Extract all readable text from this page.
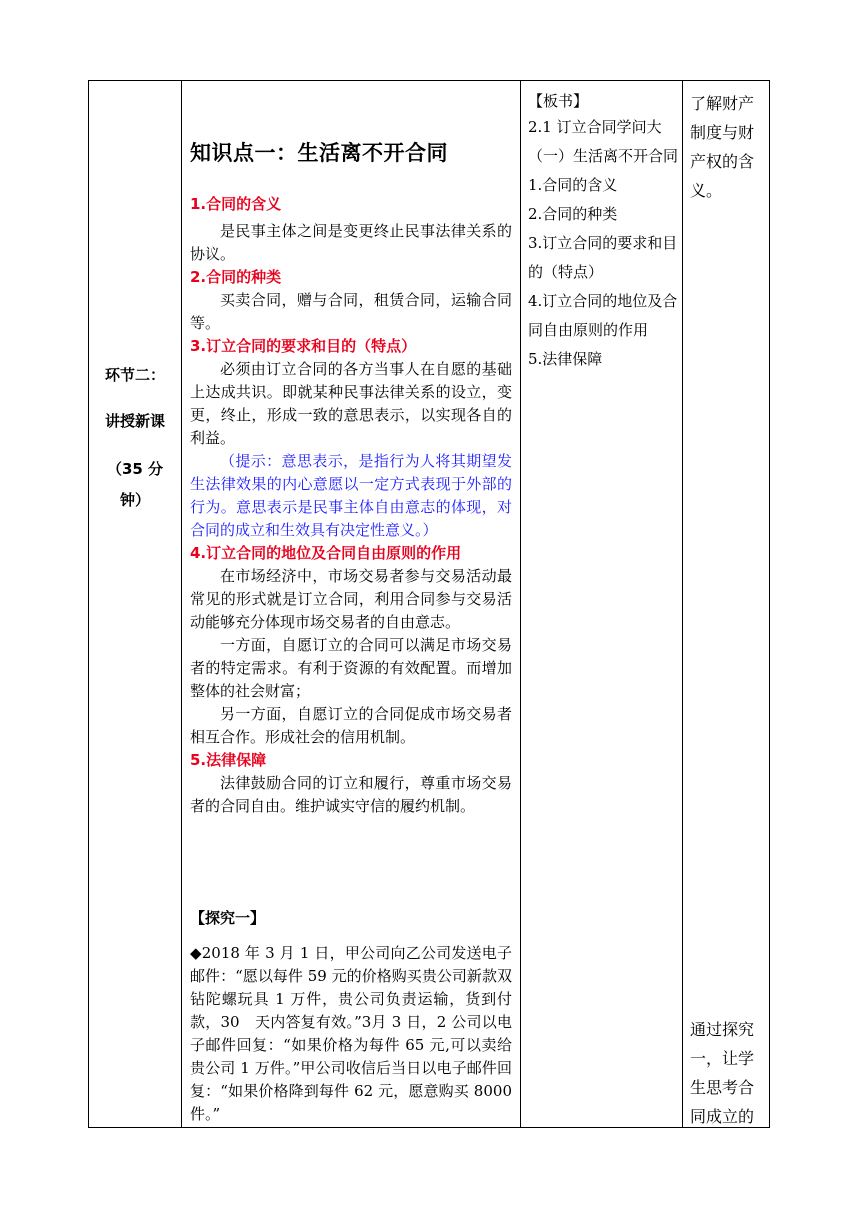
环节二：
讲授新课
（35 分
钟）
知识点一：生活离不开合同

1.合同的含义

是民事主体之间是变更终止民事法律关系的协议。

2.合同的种类

买卖合同，赠与合同，租赁合同，运输合同等。

3.订立合同的要求和目的（特点）

必须由订立合同的各方当事人在自愿的基础上达成共识。即就某种民事法律关系的设立，变更，终止，形成一致的意思表示，以实现各自的利益。

（提示：意思表示，是指行为人将其期望发生法律效果的内心意愿以一定方式表现于外部的行为。意思表示是民事主体自由意志的体现，对合同的成立和生效具有决定性意义。）

4.订立合同的地位及合同自由原则的作用

在市场经济中，市场交易者参与交易活动最常见的形式就是订立合同，利用合同参与交易活动能够充分体现市场交易者的自由意志。

一方面，自愿订立的合同可以满足市场交易者的特定需求。有利于资源的有效配置。而增加整体的社会财富；

另一方面，自愿订立的合同促成市场交易者相互合作。形成社会的信用机制。

5.法律保障

法律鼓励合同的订立和履行，尊重市场交易者的合同自由。维护诚实守信的履约机制。

【探究一】

◆2018 年 3 月 1 日，甲公司向乙公司发送电子邮件：“愿以每件 59 元的价格购买贵公司新款双钻陀螺玩具 1 万件，贵公司负责运输，货到付款，30　天内答复有效。”3月 3 日，2 公司以电子邮件回复：“如果价格为每件 65 元,可以卖给贵公司 1 万件。”甲公司收信后当日以电子邮件回复：“如果价格降到每件 62 元，愿意购买 8000 件。”

【板书】
2.1 订立合同学问大
（一）生活离不开合同
1.合同的含义
2.合同的种类
3.订立合同的要求和目的（特点）
4.订立合同的地位及合同自由原则的作用
5.法律保障
了解财产制度与财产权的含义。
通过探究一，让学生思考合同成立的
